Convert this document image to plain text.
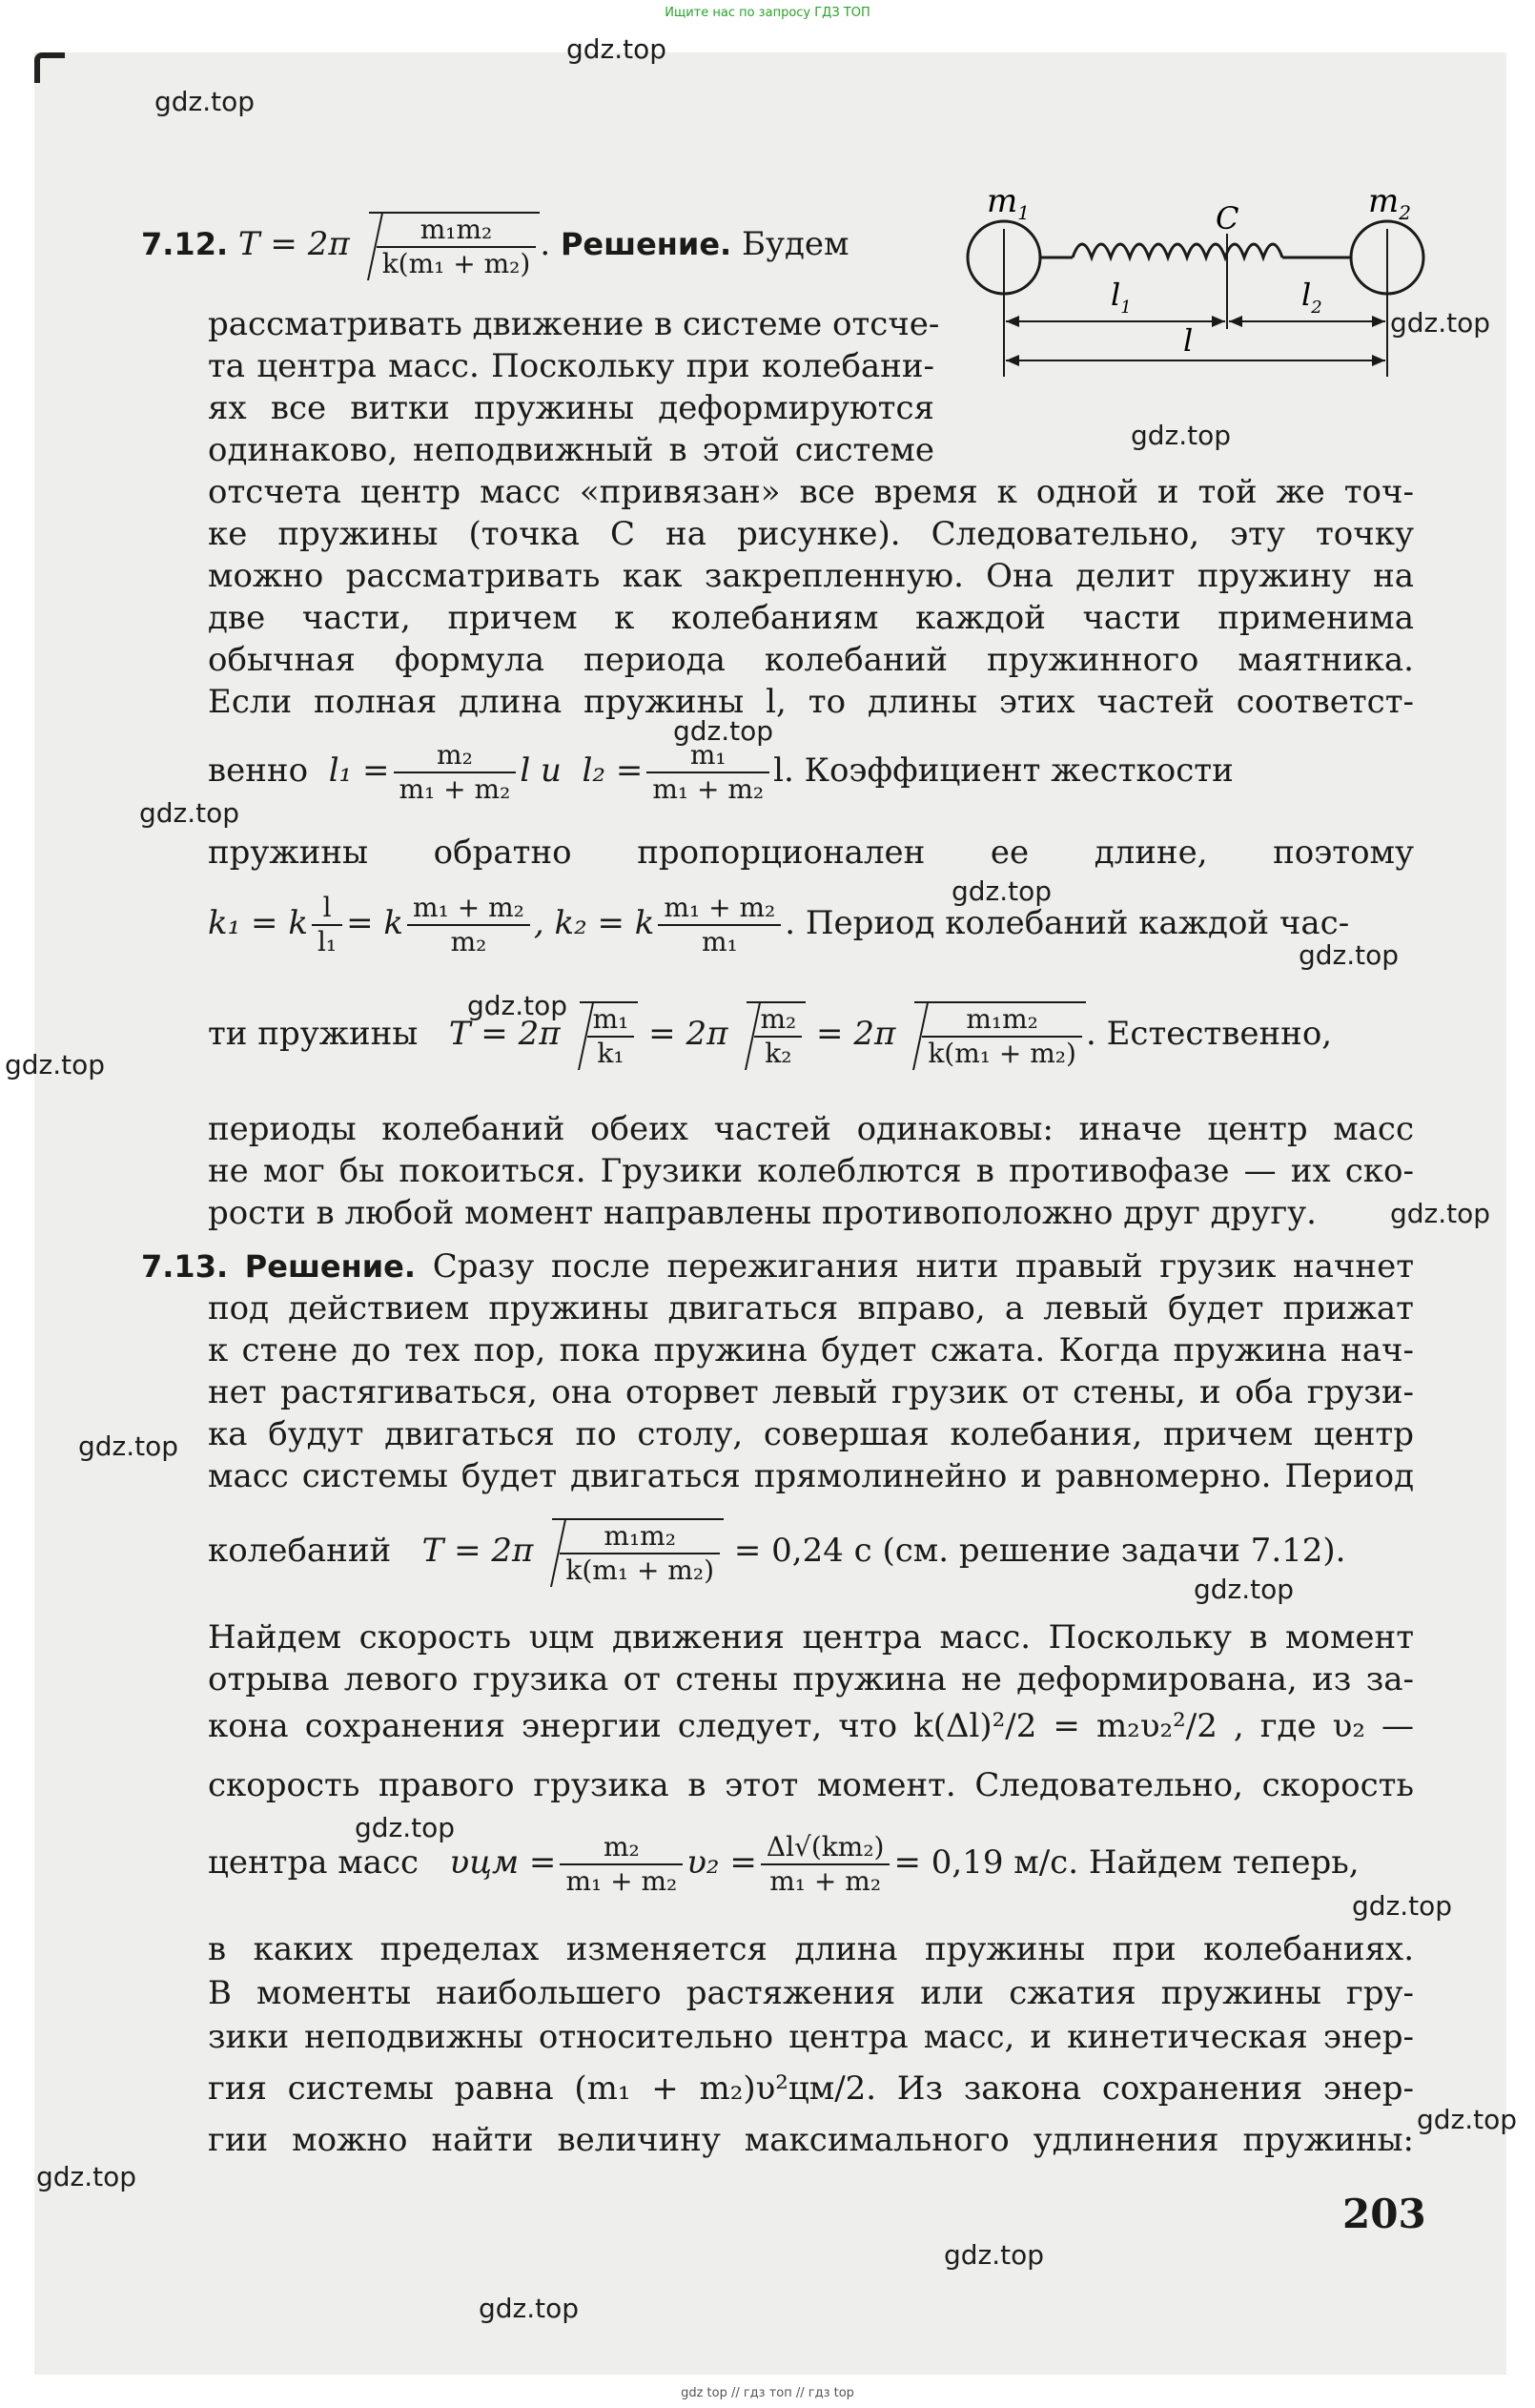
Ищите нас по запросу ГДЗ ТОП
$m_1$	$m_2$
C
$l_1$	$l_2$
l
7.12. $T = 2\pi \frac{\text{m₁m₂}}{\text{k(m₁ + m₂)}}$ . Решение. Будем
рассматривать движение в системе отсче-
та центра масс. Поскольку при колебани-
ях все витки пружины деформируются
одинаково, неподвижный в этой системе
отсчета центр масс «привязан» все время к одной и той же точ-
ке пружины (точка C на рисунке). Следовательно, эту точку
можно рассматривать как закрепленную. Она делит пружину на
две части, причем к колебаниям каждой части применима
обычная формула периода колебаний пружинного маятника.
Если полная длина пружины l, то длины этих частей соответст-
венно $l_1 = \frac{\text{m₂}}{\text{m₁ + m₂}}$ l и $l_2 = \frac{\text{m₁}}{\text{m₁ + m₂}} l$. Коэффициент жесткости
пружины обратно пропорционален ее длине, поэтому
k₁ = k $\frac{l}{\text{l₁}} = k \frac{\text{m₁ + m₂}}{\text{m₂}}$ , k₂ = k $\frac{\text{m₁ + m₂}}{\text{m₁}}$ . Период колебаний каждой час-
ти пружины $T = 2\pi \frac{\text{m₁}}{\text{k₁}} = 2\pi \frac{\text{m₂}}{\text{k₂}} = 2\pi \frac{\text{m₁m₂}}{\text{k(m₁ + m₂)}}$ . Естественно,
периоды колебаний обеих частей одинаковы: иначе центр масс
не мог бы покоиться. Грузики колеблются в противофазе — их ско-
рости в любой момент направлены противоположно друг другу.
7.13. Решение. Сразу после пережигания нити правый грузик начнет
под действием пружины двигаться вправо, а левый будет прижат
к стене до тех пор, пока пружина будет сжата. Когда пружина нач-
нет растягиваться, она оторвет левый грузик от стены, и оба грузи-
ка будут двигаться по столу, совершая колебания, причем центр
масс системы будет двигаться прямолинейно и равномерно. Период
колебаний $T = 2\pi \frac{\text{m₁m₂}}{\text{k(m₁ + m₂)}} = 0,24$ с (см. решение задачи 7.12).
Найдем скорость υцм движения центра масс. Поскольку в момент
отрыва левого грузика от стены пружина не деформирована, из за-
кона сохранения энергии следует, что k(Δl)²/2 = m₂υ₂²/2 , где υ₂ —
скорость правого грузика в этот момент. Следовательно, скорость
центра масс $\upsilon цм = \frac{\text{m₂}}{\text{m₁ + m₂}} \upsilon_2 = \frac{\text{Δl√(km₂)}}{\text{m₁ + m₂}} = 0,19$ м/с. Найдем теперь,
в каких пределах изменяется длина пружины при колебаниях.
В моменты наибольшего растяжения или сжатия пружины гру-
зики неподвижны относительно центра масс, и кинетическая энер-
гия системы равна (m₁ + m₂)υ²цм/2. Из закона сохранения энер-
гии можно найти величину максимального удлинения пружины:
203
gdz.top
gdz.top
gdz.top
gdz.top
gdz.top
gdz.top
gdz.top
gdz.top
gdz.top
gdz.top
gdz.top
gdz.top
gdz.top
gdz.top
gdz.top
gdz.top
gdz.top
gdz.top
gdz.top
gdz top // гдз топ // гдз top
